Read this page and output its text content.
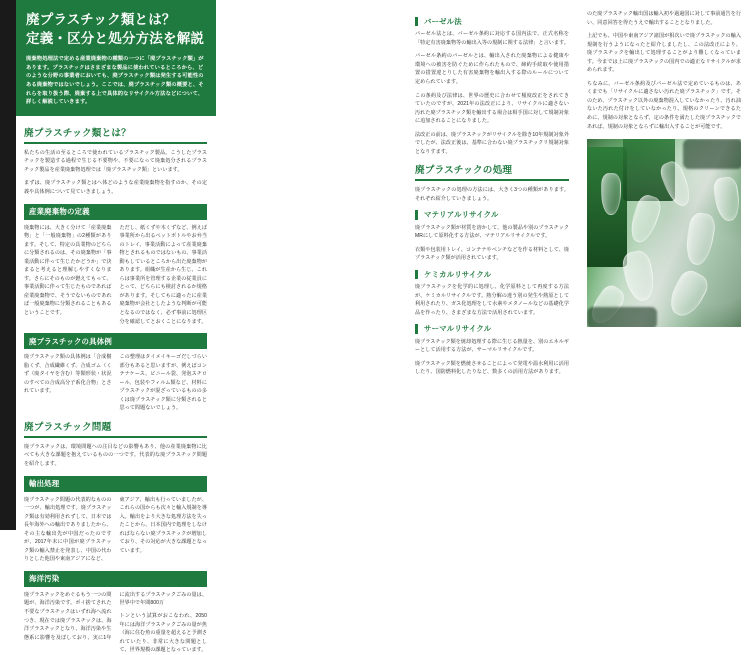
廃プラスチック類とは？
定義・区分と処分方法を解説
廃棄物処理法で定める産業廃棄物の種類の一つに「廃プラスチック類」があります。プラスチックはさまざまな製品に使われているところから、どのような分野の事業者においても、廃プラスチック類は発生する可能性のある廃棄物ではないでしょう。ここでは、廃プラスチック類の概要と、それらを取り扱う際、廃棄する上で具体的なリサイクル方法などについて、詳しく解説していきます。
廃プラスチック類とは？

私たちの生活の至るところで使われているプラスチック製品。こうしたプラスチックを製造する過程で生じる不要物や、不要になって廃棄処分されるプラスチック製品を産業廃棄物処理では「廃プラスチック類」といいます。

まずは、廃プラスチック類とはへ体どのような産業廃棄物を指すのか、その定義や具体例について見ていきましょう。

産業廃棄物の定義

廃棄物には、大きく分けて「産業廃棄物」と「一般廃棄物」の2種類があります。そして、特定の具業物のどちらに分類されるのは、その廃棄物が「事業活動に伴って生じたかどうか」で決まると考えると理解しやすくなります。さらにそのものが燃えてもって、事業活動に伴って生じたものであれば産業廃棄物で、そうでないものであれば一般廃棄物に分類されることもあるということです。

ただし、紙くずや木くずなど、例えば事業所から出るペットボトルやお弁当のトレイ、事業活動によって産業廃棄物とされるものではないもの、事業活動もしているところから出た廃棄物があります。組織が生産から生じ、これらは事業所を管理する企業の従業員にとって、どちらにも検討されるか規格があります。そしてもに適ったに産業廃棄物が会社としたような判断が可能となるのではなく、必ず事前に処理区分を確認してとおくことになります。

廃プラスチックの具体例

廃プラスチック類の具体例は「合成樹脂くず、合成繊維くず、合成ゴム（くず（廃タイヤを含む）等類形状・状況のすべての合成高分子系化合物」とされています。

この整理はタイメイキーゴだしづらい部分もあると思いますが、例えばコンテナケース、ビニール袋、発泡スチロール、包装やフィルム類など、材料にプラスチックが混ざっているものの多くは廃プラスチック類に分類されると思って問題ないでしょう。

廃プラスチック問題

廃プラスチックは、環境問題への注目などの影響もあり、他の産業廃棄物に比べても大きな課題を抱えているものの一つです。代表的な廃プラスチック問題を紹介します。

輸出処理

廃プラスチック問題の代表的なものの一つが、輸出処理です。廃プラスチック類は有効利用されずして、日本では長年海外への輸出でありましたから、その主な輸出先が中国だったのですが、2017年末に中国が廃プラスチック類の輸入禁止を発表し、中国の代わりとした他国や東南アジアになど、

東アジア、輸出も行っていましたが、これらの国からも次々と輸入規制を導入。輸出をより大きな処理方法を失ったことから、日本国内で処理をしなければならない廃プラスチックが増加しており、その対応が大きな課題となっています。

海洋汚染

廃プラスチックをめぐるもう一つの問題が、海洋汚染です。ポイ捨てされた不要なプラスチックはいずれ海へ流れつき、現在では廃プラスチックは、海洋プラスチックとなり、海洋汚染や生態系に影響を及ぼしており、実に1年に流出するプラスチックごみの量は、世界中で年間800万

トンという試算がおこなわれ、2050年には海洋プラスチックごみの量が魚（海に住む魚の重量を超えると予測されていたり、非常に大きな問題として、世界規模の課題となっています。

バーゼル法

バーゼル法とは、バーゼル条約に対応する国内法で、正式名称を「特定有害廃棄物等の輸出入等の規制に関する法律」と言います。

バーゼル条約のバーゼルとは、輸出入された廃棄物による健康や環境への被害を防ぐために作られたもので、締約手続取や使用措置の措置違とりした有害廃棄物を輸出入する際のルールについて定められています。

この条約及び法律は、世界の歴史に合わせて頻度改正をされてきていたのですが、2021年の法改正により、リサイクルに適さない汚れた廃プラスチック類を輸出する場合は相手国に対して規制対象に追加されることになりました。

法改正の前は、廃プラスチックがリサイクルを除き10年規制対象外でしたが、法改正後は、基準に合わない廃プラスチックリ規制対象となりすます。

廃プラスチックの処理

廃プラスチックの処理の方法には、大きく3つの種類があります。それぞれ紹介していきましょう。

マテリアルリサイクル

廃プラスチック類が材質を溶かして、他の製品や別のプラスチックMRにして原料化する方法が、マテリアルリサイクルです。

衣類や包装用トレイ、コンテナやベンチなどを作る材料として、廃プラスチック類が活用されています。

ケミカルリサイクル

廃プラスチックを化学的に処理し、化学原料として再度する方法が、ケミカルリサイクルです。熱分解の違う別の発生や熱原として利用されたり、ガス化処理をして水素やメタノールなどの基礎化学品を作ったり、さまざまな方法で活用されています。

サーマルリサイクル

廃プラスチック類を焼却処理する際に生じる熱量を、別のエネルギーとして活用する方法が、サーマルリサイクルです。

廃プラスチック類を燃焼させることによって発電や温水利用に活用したり、国防燃料化したりなど、数多くの活用方法があります。

のた廃プラスチック輸出国は輸入初や過過国に対して事前通告を行い、同意回答を得たうえで輸出することとなりました。

上記でも、中国や東南アジア諸国が相次いで廃プラスチックの輸入規制を行うようになったと紹介しましたし、この法改正により、廃プラスチックを輸出して処理することがより難しくなっています。今までは上に廃プラスチックの国内での適正なリサイクルが求められます。

ちなみに、バーゼル条約及びバーゼル法で定めているものは、あくまでも「リサイクルに適さない汚れた廃プラスチック」です。そのため、プラスチック以外の廃棄物混入していなかったり、汚れ油ないた汚れた付けをしていなかったり、規格のクリーンできるために、規制の対象とならず、定の条件を満たした廃プラスチックであれば、規制の対象とならずに輸出入することが可能です。
